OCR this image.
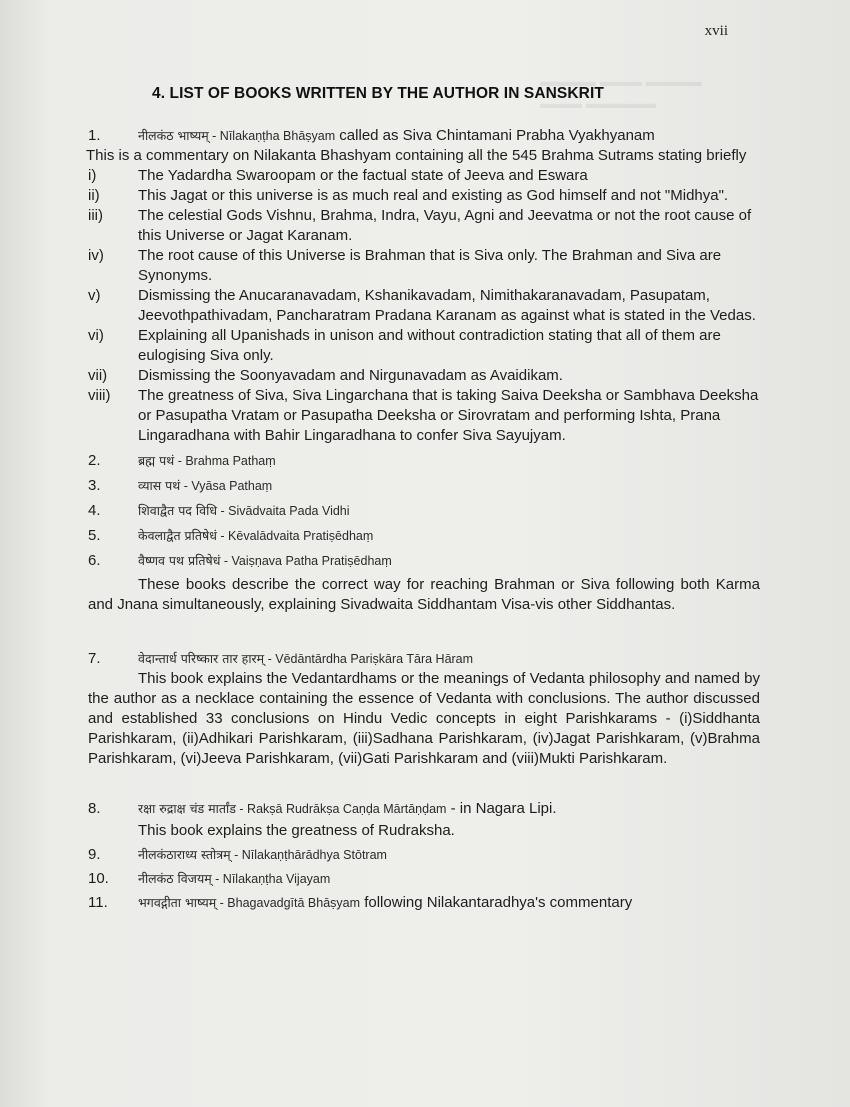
▬▬▬▬ ▬▬▬ ▬▬▬▬
▬▬▬ ▬▬▬▬▬
xvii
4. LIST OF BOOKS WRITTEN BY THE AUTHOR IN SANSKRIT
1.	नीलकंठ भाष्यम् - Nīlakaṇṭha Bhāṣyam called as Siva Chintamani Prabha Vyakhyanam
This is a commentary on Nilakanta Bhashyam containing all the 545 Brahma Sutrams stating briefly
i)	The Yadardha Swaroopam or the factual state of Jeeva and Eswara
ii)	This Jagat or this universe is as much real and existing as God himself and not "Midhya".
iii)	The celestial Gods Vishnu, Brahma, Indra, Vayu, Agni and Jeevatma or not the root cause of this Universe or Jagat Karanam.
iv)	The root cause of this Universe is Brahman that is Siva only. The Brahman and Siva are Synonyms.
v)	Dismissing the Anucaranavadam, Kshanikavadam, Nimithakaranavadam, Pasupatam, Jeevothpathivadam, Pancharatram Pradana Karanam as against what is stated in the Vedas.
vi)	Explaining all Upanishads in unison and without contradiction stating that all of them are eulogising Siva only.
vii)	Dismissing the Soonyavadam and Nirgunavadam as Avaidikam.
viii)	The greatness of Siva, Siva Lingarchana that is taking Saiva Deeksha or Sambhava Deeksha or Pasupatha Vratam or Pasupatha Deeksha or Sirovratam and performing Ishta, Prana Lingaradhana with Bahir Lingaradhana to confer Siva Sayujyam.
2.	ब्रह्म पथं - Brahma Pathaṃ
3.	व्यास पथं - Vyāsa Pathaṃ
4.	शिवाद्वैत पद विधि - Sivādvaita Pada Vidhi
5.	केवलाद्वैत प्रतिषेधं - Kēvalādvaita Pratiṣēdhaṃ
6.	वैष्णव पथ प्रतिषेधं - Vaiṣṇava Patha Pratiṣēdhaṃ
These books describe the correct way for reaching Brahman or Siva following both Karma and Jnana simultaneously, explaining Sivadwaita Siddhantam Visa-vis other Siddhantas.
7.	वेदान्तार्ध परिष्कार तार हारम् - Vēdāntārdha Pariṣkāra Tāra Hāram
This book explains the Vedantardhams or the meanings of Vedanta philosophy and named by the author as a necklace containing the essence of Vedanta with conclusions. The author discussed and established 33 conclusions on Hindu Vedic concepts in eight Parishkarams - (i)Siddhanta Parishkaram, (ii)Adhikari Parishkaram, (iii)Sadhana Parishkaram, (iv)Jagat Parishkaram, (v)Brahma Parishkaram, (vi)Jeeva Parishkaram, (vii)Gati Parishkaram and (viii)Mukti Parishkaram.
8.	रक्षा रुद्राक्ष चंड मार्तांड - Rakṣā Rudrākṣa Caṇḍa Mārtāṇḍam - in Nagara Lipi.
This book explains the greatness of Rudraksha.
9.	नीलकंठाराध्य स्तोत्रम् - Nīlakaṇṭhārādhya Stōtram
10.	नीलकंठ विजयम् - Nīlakaṇṭha Vijayam
11.	भगवद्गीता भाष्यम् - Bhagavadgītā Bhāṣyam following Nilakantaradhya's commentary
